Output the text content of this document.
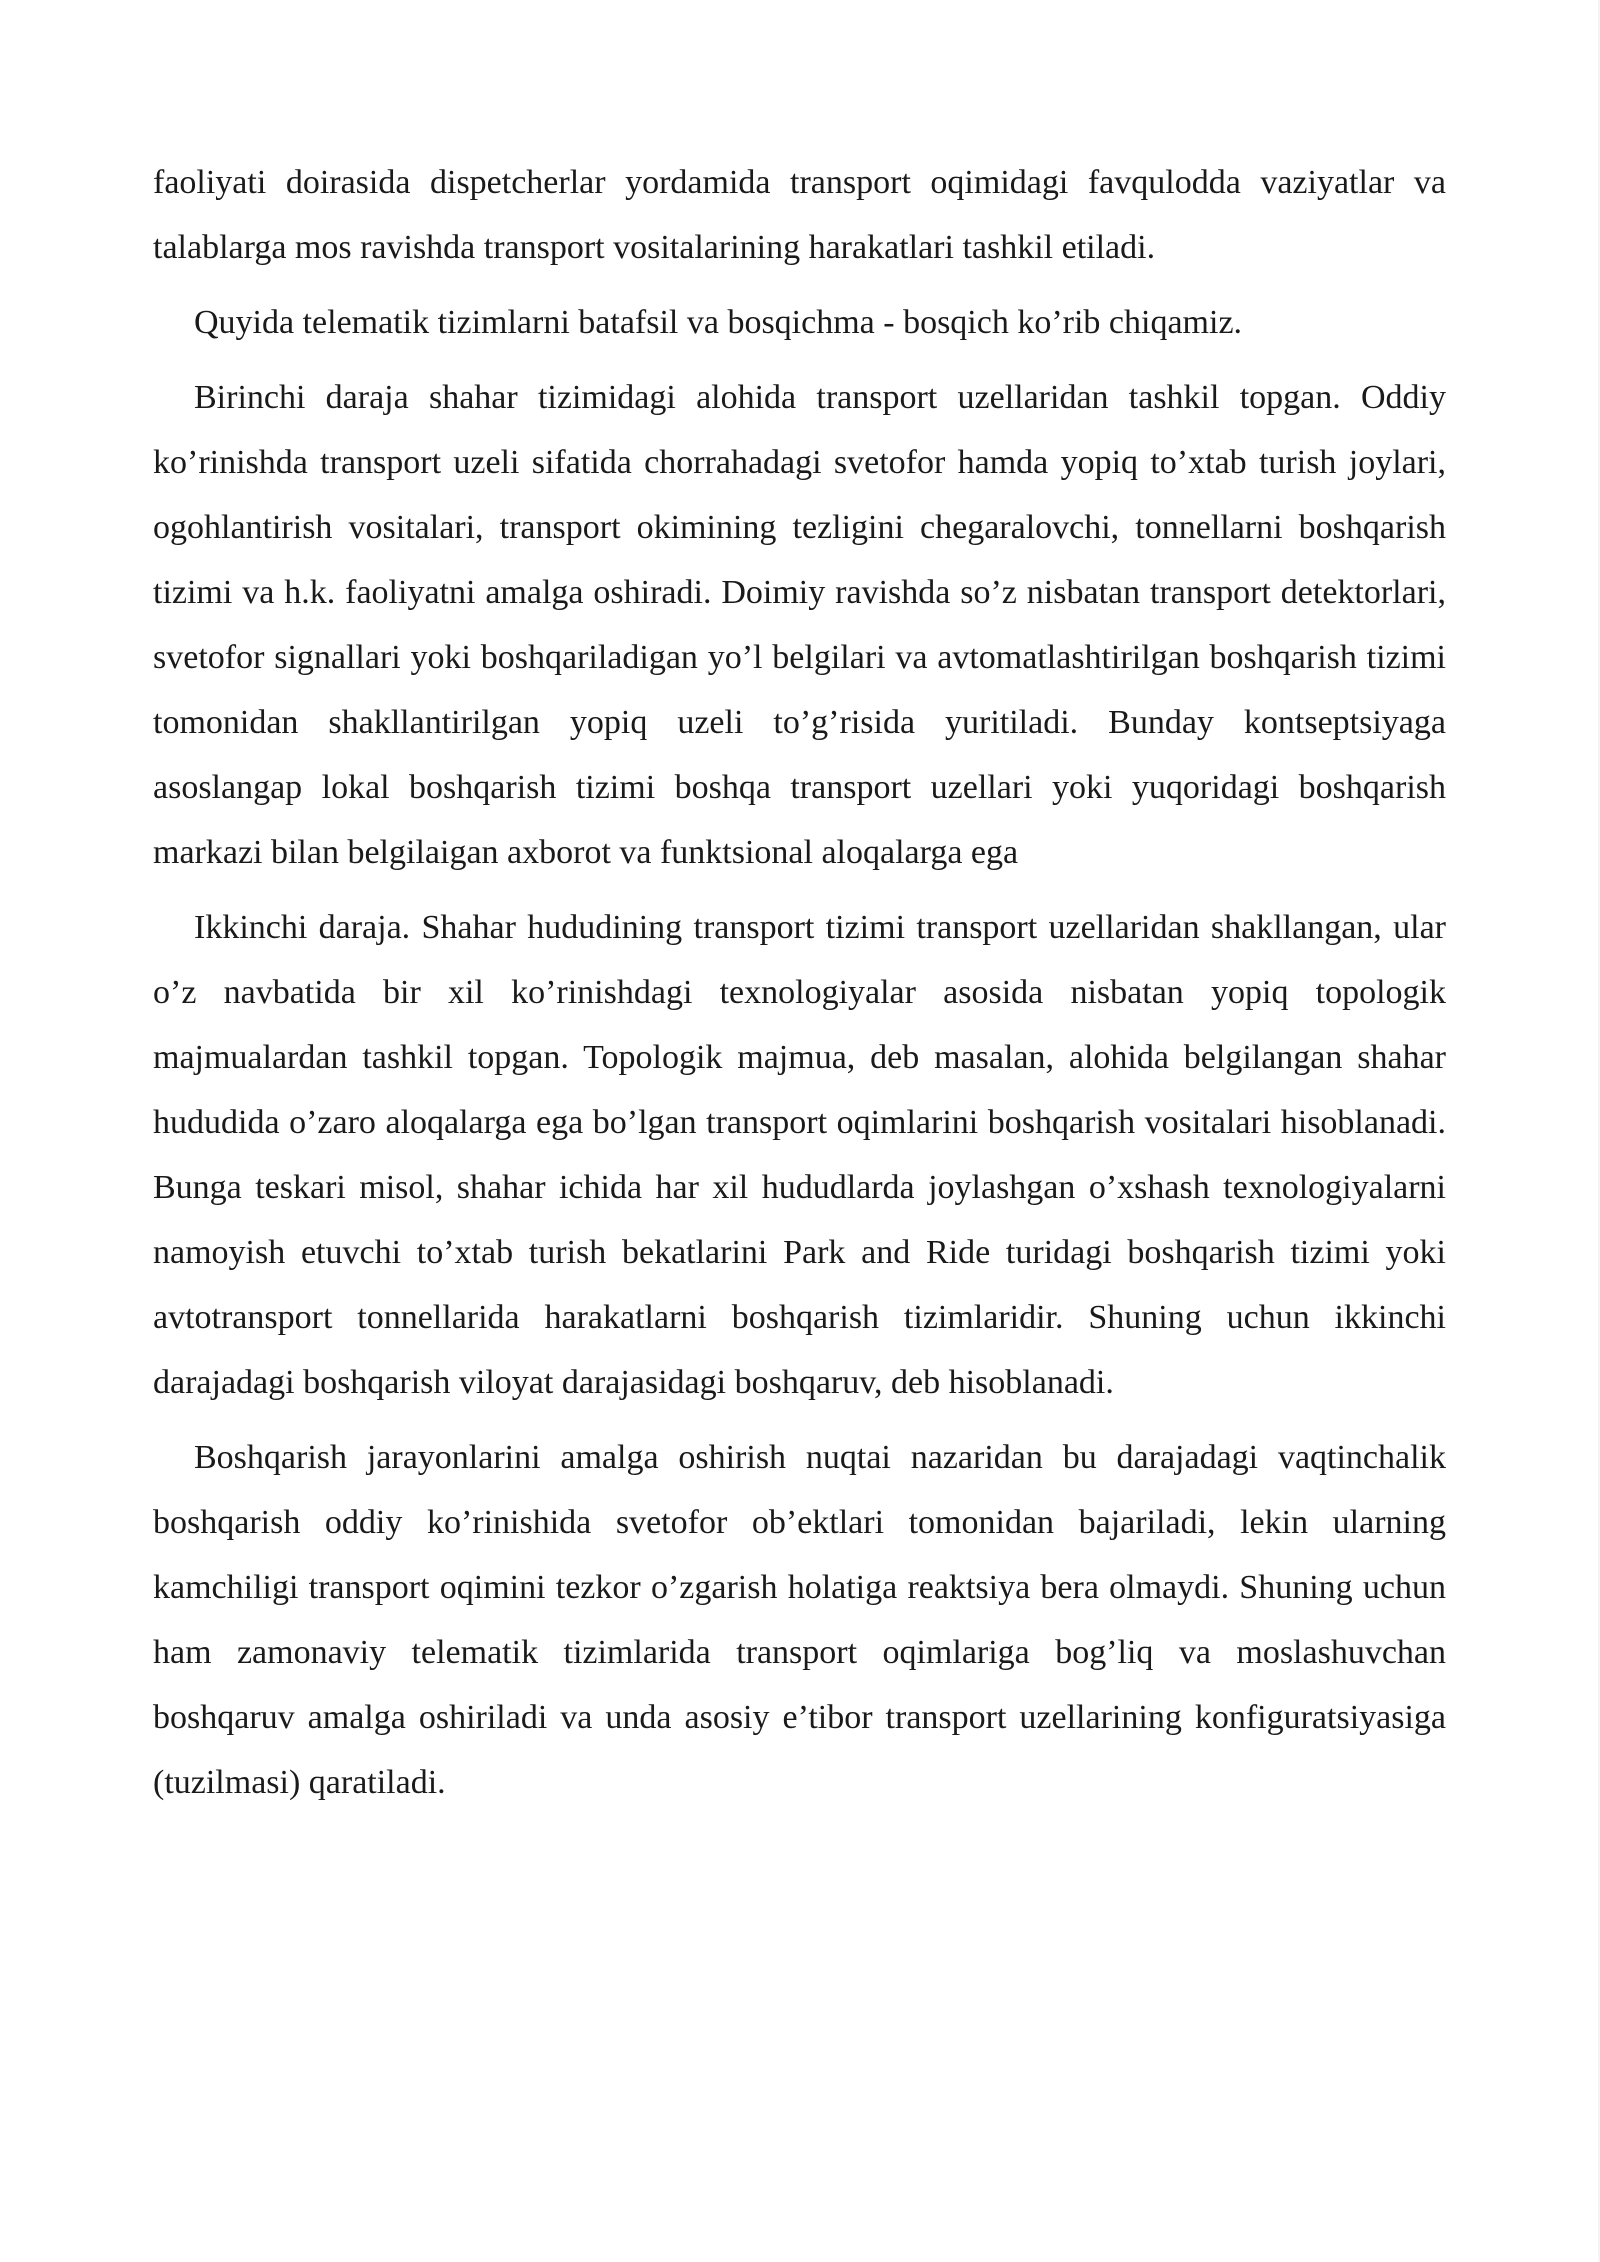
faoliyati doirasida dispetcherlar yordamida transport oqimidagi favqulodda vaziyatlar va talablarga mos ravishda transport vositalarining harakatlari tashkil etiladi.

Quyida telematik tizimlarni batafsil va bosqichma - bosqich ko’rib chiqamiz.

Birinchi daraja shahar tizimidagi alohida transport uzellaridan tashkil topgan. Oddiy ko’rinishda transport uzeli sifatida chorrahadagi svetofor hamda yopiq to’xtab turish joylari, ogohlantirish vositalari, transport okimining tezligini chegaralovchi, tonnellarni boshqarish tizimi va h.k. faoliyatni amalga oshiradi. Doimiy ravishda so’z nisbatan transport detektorlari, svetofor signallari yoki boshqariladigan yo’l belgilari va avtomatlashtirilgan boshqarish tizimi tomonidan shakllantirilgan yopiq uzeli to’g’risida yuritiladi. Bunday kontseptsiyaga asoslangap lokal boshqarish tizimi boshqa transport uzellari yoki yuqoridagi boshqarish markazi bilan belgilaigan axborot va funktsional aloqalarga ega

Ikkinchi daraja. Shahar hududining transport tizimi transport uzellaridan shakllangan, ular o’z navbatida bir xil ko’rinishdagi texnologiyalar asosida nisbatan yopiq topologik majmualardan tashkil topgan. Topologik majmua, deb masalan, alohida belgilangan shahar hududida o’zaro aloqalarga ega bo’lgan transport oqimlarini boshqarish vositalari hisoblanadi. Bunga teskari misol, shahar ichida har xil hududlarda joylashgan o’xshash texnologiyalarni namoyish etuvchi to’xtab turish bekatlarini Park and Ride turidagi boshqarish tizimi yoki avtotransport tonnellarida harakatlarni boshqarish tizimlaridir. Shuning uchun ikkinchi darajadagi boshqarish viloyat darajasidagi boshqaruv, deb hisoblanadi.

Boshqarish jarayonlarini amalga oshirish nuqtai nazaridan bu darajadagi vaqtinchalik boshqarish oddiy ko’rinishida svetofor ob’ektlari tomonidan bajariladi, lekin ularning kamchiligi transport oqimini tezkor o’zgarish holatiga reaktsiya bera olmaydi. Shuning uchun ham zamonaviy telematik tizimlarida transport oqimlariga bog’liq va moslashuvchan boshqaruv amalga oshiriladi va unda asosiy e’tibor transport uzellarining konfiguratsiyasiga (tuzilmasi) qaratiladi.
